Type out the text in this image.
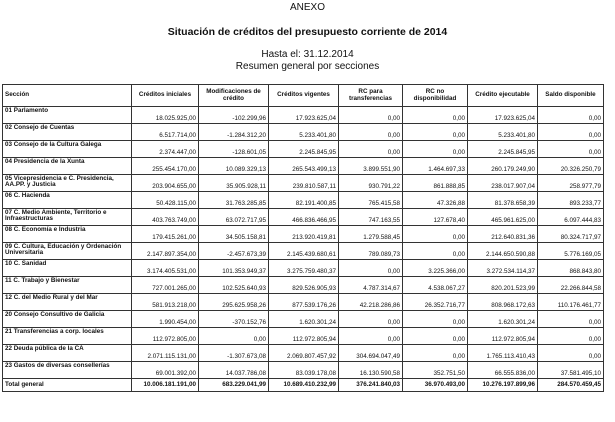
ANEXO
Situación de créditos del presupuesto corriente de 2014
Hasta el: 31.12.2014
Resumen general por secciones
Sección	Créditos iniciales	Modificaciones de crédito	Créditos vigentes	RC para transferencias	RC no disponibilidad	Crédito ejecutable	Saldo disponible
01 Parlamento	18.025.925,00	-102.299,96	17.923.625,04	0,00	0,00	17.923.625,04	0,00
02 Consejo de Cuentas	6.517.714,00	-1.284.312,20	5.233.401,80	0,00	0,00	5.233.401,80	0,00
03 Consejo de la Cultura Galega	2.374.447,00	-128.601,05	2.245.845,95	0,00	0,00	2.245.845,95	0,00
04 Presidencia de la Xunta	255.454.170,00	10.089.329,13	265.543.499,13	3.899.551,90	1.464.697,33	260.179.249,90	20.326.250,79
05 Vicepresidencia e C. Presidencia, AA.PP. y Justicia	203.904.655,00	35.905.928,11	239.810.587,11	930.791,22	861.888,85	238.017.907,04	258.977,79
06 C. Hacienda	50.428.115,00	31.763.285,85	82.191.400,85	765.415,58	47.326,88	81.378.658,39	893.233,77
07 C. Medio Ambiente, Territorio e Infraestructuras	403.763.749,00	63.072.717,95	466.836.466,95	747.163,55	127.678,40	465.961.625,00	6.097.444,83
08 C. Economía e Industria	179.415.261,00	34.505.158,81	213.920.419,81	1.279.588,45	0,00	212.640.831,36	80.324.717,97
09 C. Cultura, Educación y Ordenación Universitaria	2.147.897.354,00	-2.457.673,39	2.145.439.680,61	789.089,73	0,00	2.144.650.590,88	5.776.169,05
10 C. Sanidad	3.174.405.531,00	101.353.949,37	3.275.759.480,37	0,00	3.225.366,00	3.272.534.114,37	868.843,80
11 C. Trabajo y Bienestar	727.001.265,00	102.525.640,93	829.526.905,93	4.787.314,67	4.538.067,27	820.201.523,99	22.266.844,58
12 C. del Medio Rural y del Mar	581.913.218,00	295.625.958,26	877.539.176,26	42.218.286,86	26.352.716,77	808.968.172,63	110.176.461,77
20 Consejo Consultivo de Galicia	1.990.454,00	-370.152,76	1.620.301,24	0,00	0,00	1.620.301,24	0,00
21 Transferencias a corp. locales	112.972.805,00	0,00	112.972.805,94	0,00	0,00	112.972.805,94	0,00
22 Deuda pública de la CA	2.071.115.131,00	-1.307.673,08	2.069.807.457,92	304.694.047,49	0,00	1.765.113.410,43	0,00
23 Gastos de diversas consellerías	69.001.392,00	14.037.786,08	83.039.178,08	16.130.590,58	352.751,50	66.555.836,00	37.581.495,10
Total general	10.006.181.191,00	683.229.041,99	10.689.410.232,99	376.241.840,03	36.970.493,00	10.276.197.899,96	284.570.459,45
